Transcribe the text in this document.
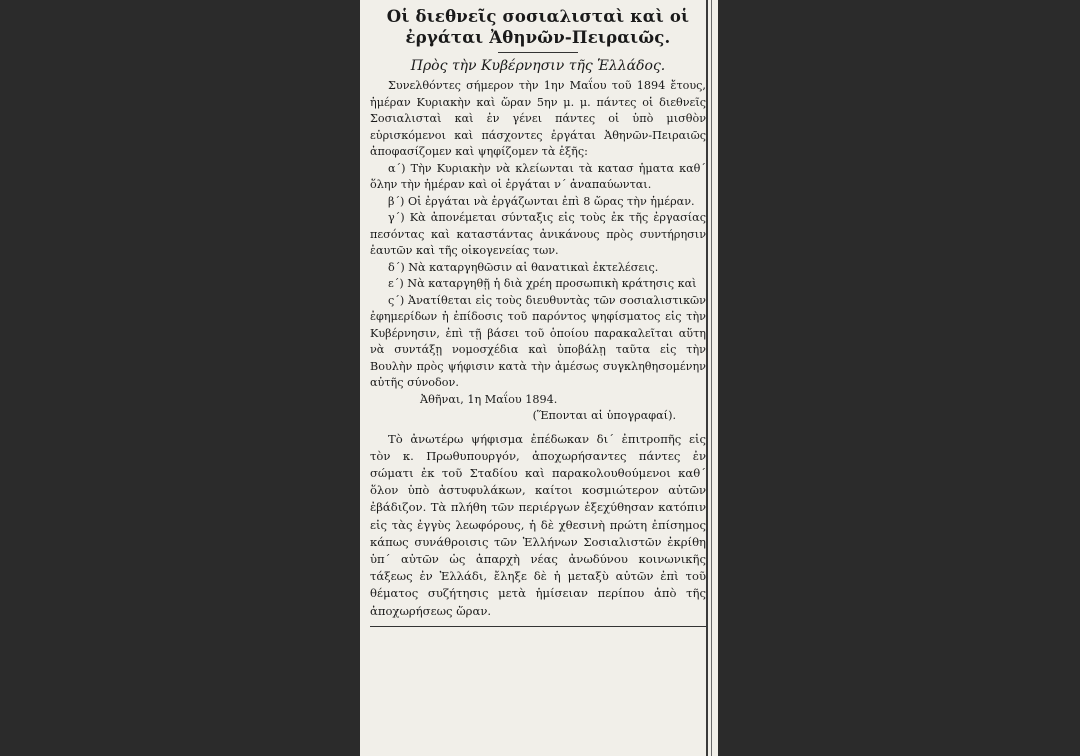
Οἱ διεθνεῖς σοσιαλισταὶ καὶ οἱ
ἐργάται Ἀθηνῶν-Πειραιῶς.
Πρὸς τὴν Κυβέρνησιν τῆς Ἑλλάδος.

Συνελθόντες σήμερον τὴν 1ην Μαΐου τοῦ 1894 ἔτους, ἡμέραν Κυριακὴν καὶ ὥραν 5ην μ. μ. πάντες οἱ διεθνεῖς Σοσιαλισταὶ καὶ ἐν γένει πάντες οἱ ὑπὸ μισθὸν εὑρισκόμενοι καὶ πάσχοντες ἐργάται Ἀθηνῶν-Πειραιῶς ἀποφασίζομεν καὶ ψηφίζομεν τὰ ἑξῆς:

α΄) Τὴν Κυριακὴν νὰ κλείωνται τὰ κατασ ἡματα καθ΄ ὅλην τὴν ἡμέραν καὶ οἱ ἐργάται ν΄ ἀναπαύωνται.

β΄) Οἱ ἐργάται νὰ ἐργάζωνται ἐπὶ 8 ὥρας τὴν ἡμέραν.

γ΄) Κὰ ἀπονέμεται σύνταξις εἰς τοὺς ἐκ τῆς ἐργασίας πεσόντας καὶ καταστάντας ἀνικάνους πρὸς συντήρησιν ἑαυτῶν καὶ τῆς οἰκογενείας των.

δ΄) Νὰ καταργηθῶσιν αἱ θανατικαὶ ἐκτελέσεις.

ε΄) Νὰ καταργηθῇ ἡ διὰ χρέη προσωπικὴ κράτησις καὶ

ς΄) Ἀνατίθεται εἰς τοὺς διευθυντὰς τῶν σοσιαλιστικῶν ἐφημερίδων ἡ ἐπίδοσις τοῦ παρόντος ψηφίσματος εἰς τὴν Κυβέρνησιν, ἐπὶ τῇ βάσει τοῦ ὁποίου παρακαλεῖται αὕτη νὰ συντάξῃ νομοσχέδια καὶ ὑποβάλῃ ταῦτα εἰς τὴν Βουλὴν πρὸς ψήφισιν κατὰ τὴν ἀμέσως συγκληθησομένην αὐτῆς σύνοδον.

Ἀθῆναι, 1η Μαΐου 1894.
(Ἕπονται αἱ ὑπογραφαί).

Τὸ ἀνωτέρω ψήφισμα ἐπέδωκαν δι΄ ἐπιτροπῆς εἰς τὸν κ. Πρωθυπουργόν, ἀποχωρήσαντες πάντες ἐν σώματι ἐκ τοῦ Σταδίου καὶ παρακολουθούμενοι καθ΄ ὅλον ὑπὸ ἀστυφυλάκων, καίτοι κοσμιώτερον αὐτῶν ἐβάδιζον. Τὰ πλήθη τῶν περιέργων ἐξεχύθησαν κατόπιν εἰς τὰς ἐγγὺς λεωφόρους, ἡ δὲ χθεσινὴ πρώτη ἐπίσημος κάπως συνάθροισις τῶν Ἑλλήνων Σοσιαλιστῶν ἐκρίθη ὑπ΄ αὐτῶν ὡς ἀπαρχὴ νέας ἀνωδύνου κοινωνικῆς τάξεως ἐν Ἑλλάδι, ἔληξε δὲ ἡ μεταξὺ αὐτῶν ἐπὶ τοῦ θέματος συζήτησις μετὰ ἡμίσειαν περίπου ἀπὸ τῆς ἀποχωρήσεως ὥραν.
